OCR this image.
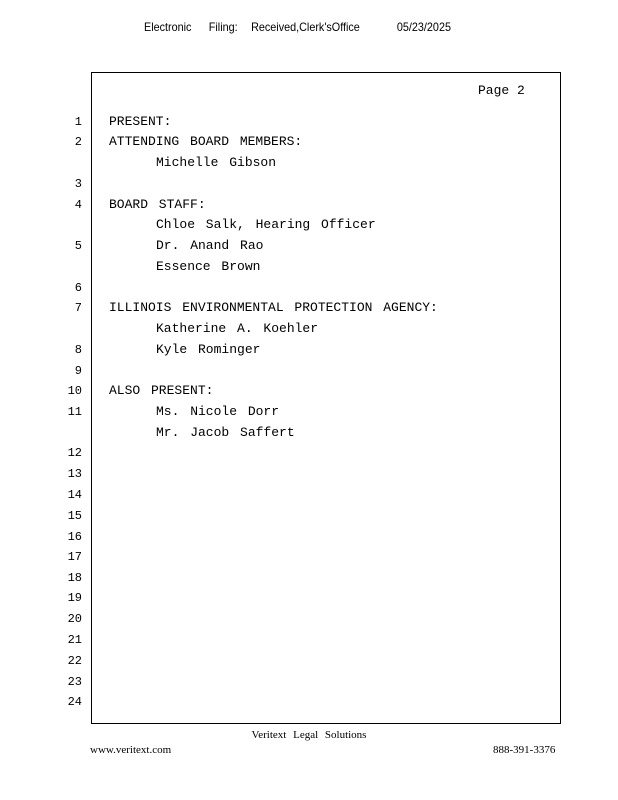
Electronic Filing: Received,Clerk'sOffice	05/23/2025
Page 2
1
2
3
4
5
6
7
8
9
10
11
12
13
14
15
16
17
18
19
20
21
22
23
24
PRESENT:
ATTENDING BOARD MEMBERS:
Michelle Gibson
BOARD STAFF:
Chloe Salk, Hearing Officer
Dr. Anand Rao
Essence Brown
ILLINOIS ENVIRONMENTAL PROTECTION AGENCY:
Katherine A. Koehler
Kyle Rominger
ALSO PRESENT:
Ms. Nicole Dorr
Mr. Jacob Saffert
Veritext Legal Solutions
www.veritext.com	888-391-3376
